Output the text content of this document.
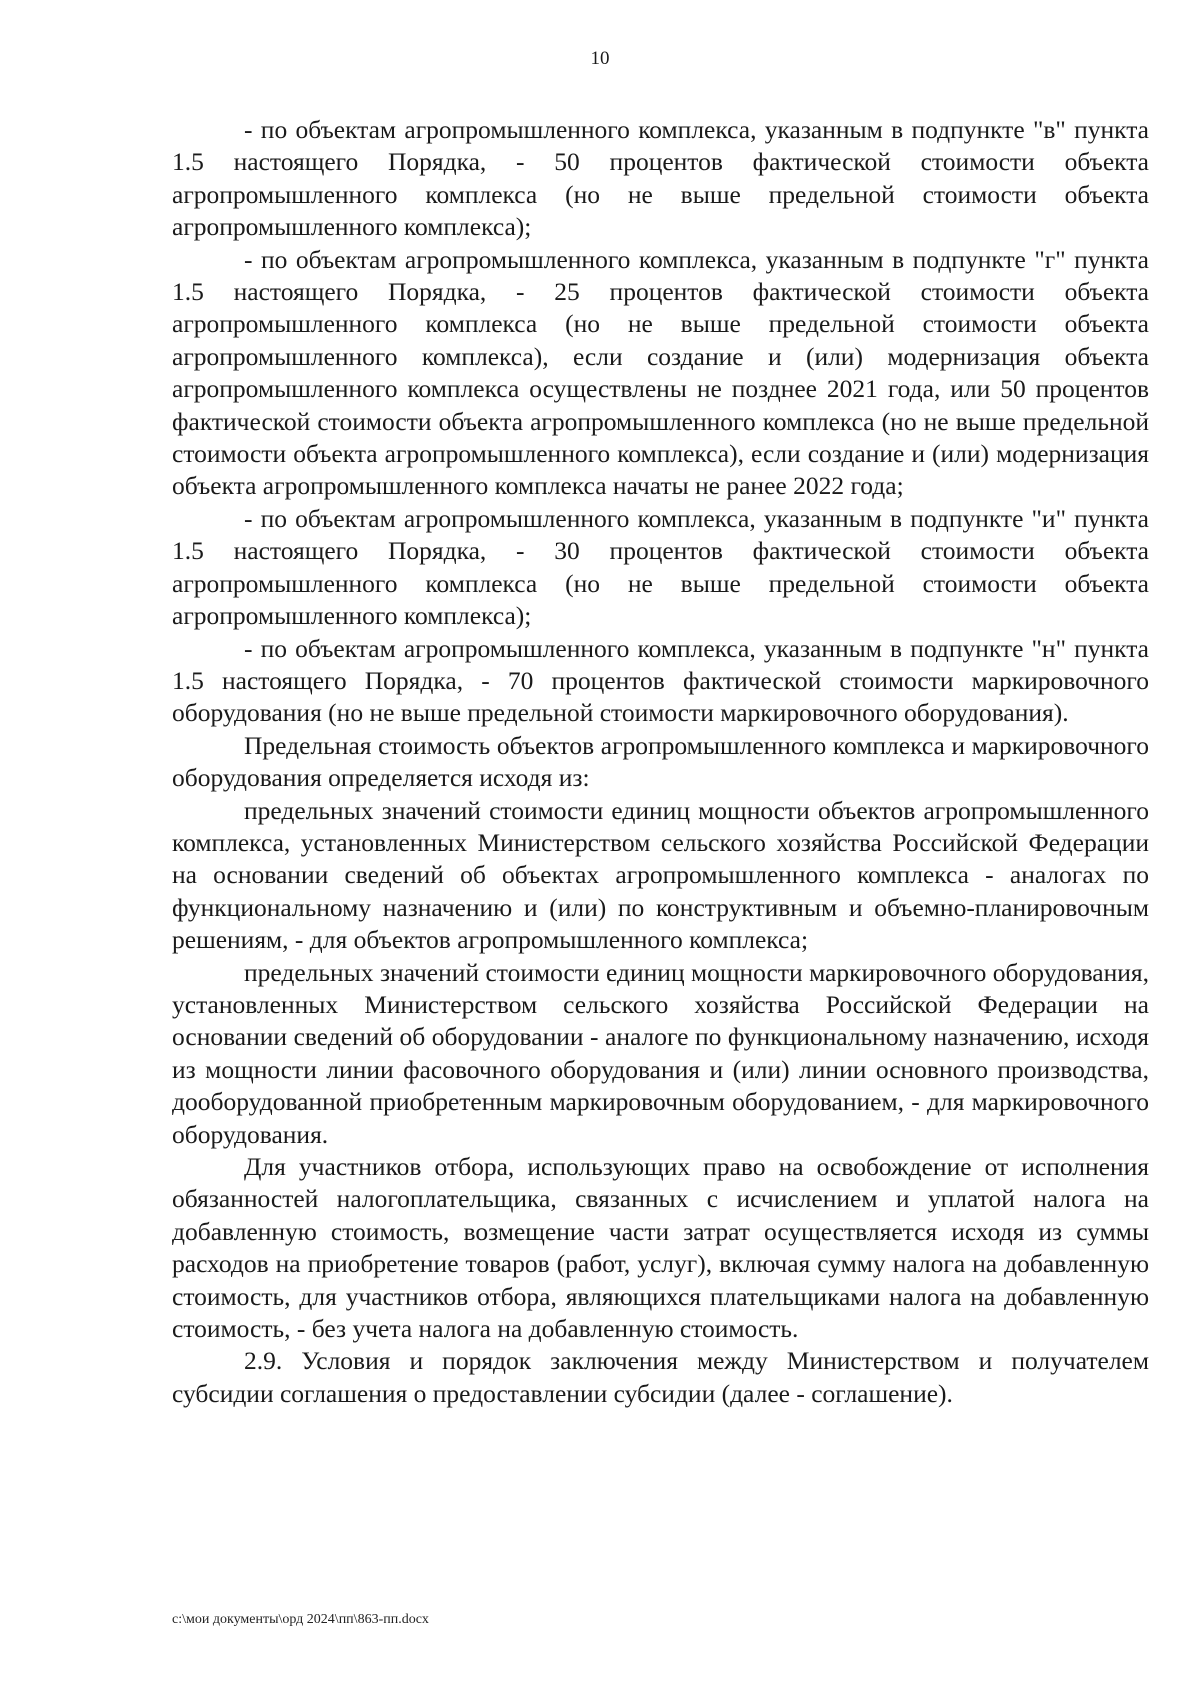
10

- по объектам агропромышленного комплекса, указанным в подпункте "в" пункта 1.5 настоящего Порядка, - 50 процентов фактической стоимости объекта агропромышленного комплекса (но не выше предельной стоимости объекта агропромышленного комплекса);

- по объектам агропромышленного комплекса, указанным в подпункте "г" пункта 1.5 настоящего Порядка, - 25 процентов фактической стоимости объекта агропромышленного комплекса (но не выше предельной стоимости объекта агропромышленного комплекса), если создание и (или) модернизация объекта агропромышленного комплекса осуществлены не позднее 2021 года, или 50 процентов фактической стоимости объекта агропромышленного комплекса (но не выше предельной стоимости объекта агропромышленного комплекса), если создание и (или) модернизация объекта агропромышленного комплекса начаты не ранее 2022 года;

- по объектам агропромышленного комплекса, указанным в подпункте "и" пункта 1.5 настоящего Порядка, - 30 процентов фактической стоимости объекта агропромышленного комплекса (но не выше предельной стоимости объекта агропромышленного комплекса);

- по объектам агропромышленного комплекса, указанным в подпункте "н" пункта 1.5 настоящего Порядка, - 70 процентов фактической стоимости маркировочного оборудования (но не выше предельной стоимости маркировочного оборудования).

Предельная стоимость объектов агропромышленного комплекса и маркировочного оборудования определяется исходя из:

предельных значений стоимости единиц мощности объектов агропромышленного комплекса, установленных Министерством сельского хозяйства Российской Федерации на основании сведений об объектах агропромышленного комплекса - аналогах по функциональному назначению и (или) по конструктивным и объемно-планировочным решениям, - для объектов агропромышленного комплекса;

предельных значений стоимости единиц мощности маркировочного оборудования, установленных Министерством сельского хозяйства Российской Федерации на основании сведений об оборудовании - аналоге по функциональному назначению, исходя из мощности линии фасовочного оборудования и (или) линии основного производства, дооборудованной приобретенным маркировочным оборудованием, - для маркировочного оборудования.

Для участников отбора, использующих право на освобождение от исполнения обязанностей налогоплательщика, связанных с исчислением и уплатой налога на добавленную стоимость, возмещение части затрат осуществляется исходя из суммы расходов на приобретение товаров (работ, услуг), включая сумму налога на добавленную стоимость, для участников отбора, являющихся плательщиками налога на добавленную стоимость, - без учета налога на добавленную стоимость.

2.9. Условия и порядок заключения между Министерством и получателем субсидии соглашения о предоставлении субсидии (далее - соглашение).

c:\мои документы\орд 2024\пп\863-пп.docx
